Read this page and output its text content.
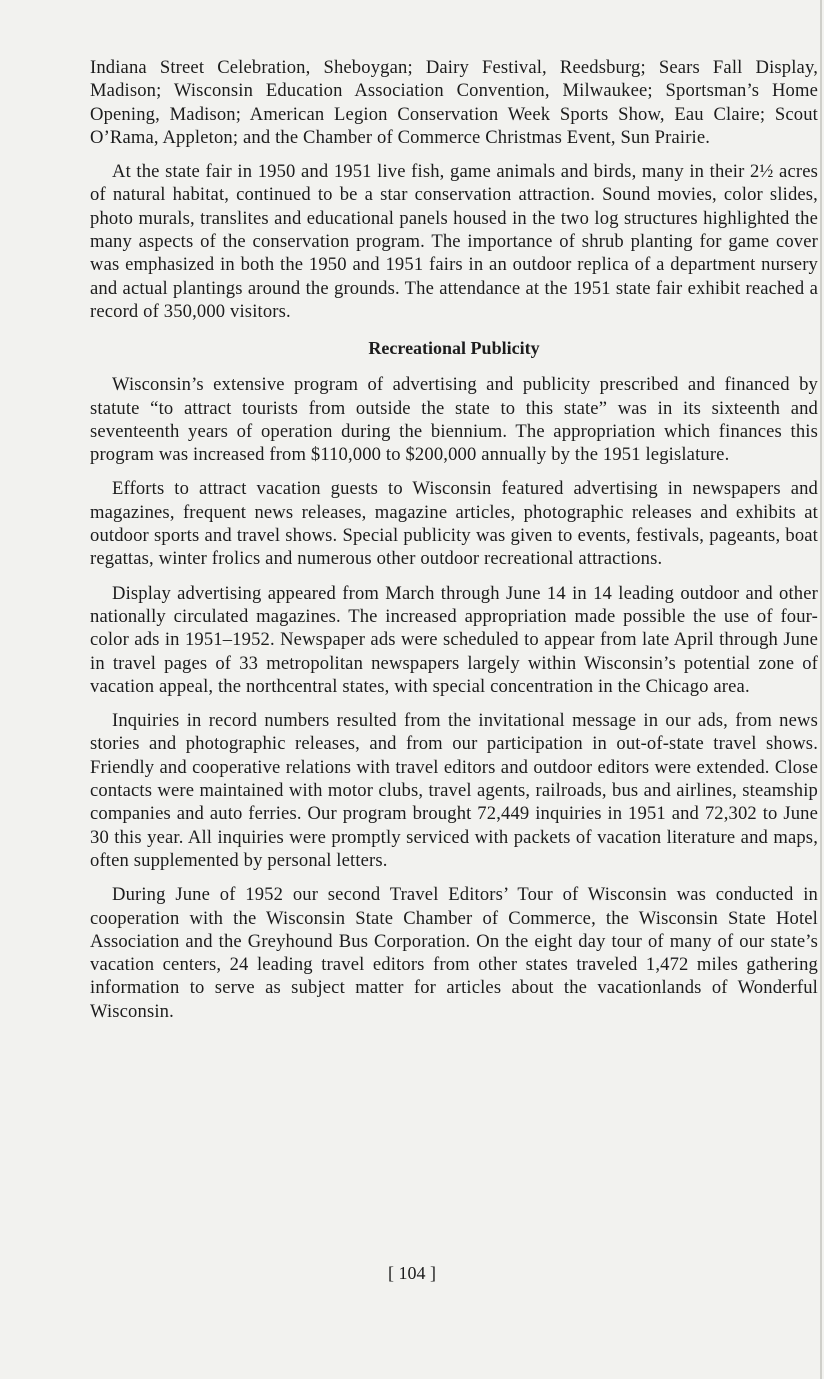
Indiana Street Celebration, Sheboygan; Dairy Festival, Reedsburg; Sears Fall Display, Madison; Wisconsin Education Association Convention, Milwaukee; Sportsman’s Home Opening, Madison; American Legion Conservation Week Sports Show, Eau Claire; Scout O’Rama, Appleton; and the Chamber of Commerce Christmas Event, Sun Prairie.

At the state fair in 1950 and 1951 live fish, game animals and birds, many in their 2½ acres of natural habitat, continued to be a star conservation attraction. Sound movies, color slides, photo murals, translites and educational panels housed in the two log structures highlighted the many aspects of the conservation program. The importance of shrub planting for game cover was emphasized in both the 1950 and 1951 fairs in an outdoor replica of a department nursery and actual plantings around the grounds. The attendance at the 1951 state fair exhibit reached a record of 350,000 visitors.

Recreational Publicity

Wisconsin’s extensive program of advertising and publicity prescribed and financed by statute “to attract tourists from outside the state to this state” was in its sixteenth and seventeenth years of operation during the biennium. The appropriation which finances this program was increased from $110,000 to $200,000 annually by the 1951 legislature.

Efforts to attract vacation guests to Wisconsin featured advertising in newspapers and magazines, frequent news releases, magazine articles, photographic releases and exhibits at outdoor sports and travel shows. Special publicity was given to events, festivals, pageants, boat regattas, winter frolics and numerous other outdoor recreational attractions.

Display advertising appeared from March through June 14 in 14 leading outdoor and other nationally circulated magazines. The increased appropriation made possible the use of four-color ads in 1951–1952. Newspaper ads were scheduled to appear from late April through June in travel pages of 33 metropolitan newspapers largely within Wisconsin’s potential zone of vacation appeal, the northcentral states, with special concentration in the Chicago area.

Inquiries in record numbers resulted from the invitational message in our ads, from news stories and photographic releases, and from our participation in out-of-state travel shows. Friendly and cooperative relations with travel editors and outdoor editors were extended. Close contacts were maintained with motor clubs, travel agents, railroads, bus and airlines, steamship companies and auto ferries. Our program brought 72,449 inquiries in 1951 and 72,302 to June 30 this year. All inquiries were promptly serviced with packets of vacation literature and maps, often supplemented by personal letters.

During June of 1952 our second Travel Editors’ Tour of Wisconsin was conducted in cooperation with the Wisconsin State Chamber of Commerce, the Wisconsin State Hotel Association and the Greyhound Bus Corporation. On the eight day tour of many of our state’s vacation centers, 24 leading travel editors from other states traveled 1,472 miles gathering information to serve as subject matter for articles about the vacationlands of Wonderful Wisconsin.

[ 104 ]
